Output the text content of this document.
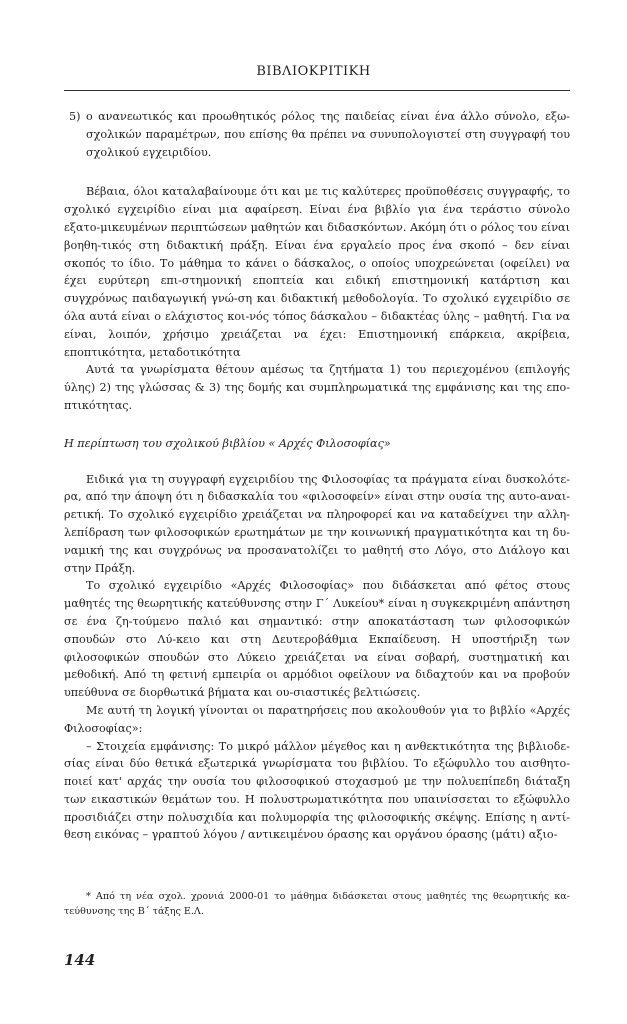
ΒΙΒΛΙΟΚΡΙΤΙΚΗ

5) ο ανανεωτικός και προωθητικός ρόλος της παιδείας είναι ένα άλλο σύνολο, εξω-σχολικών παραμέτρων, που επίσης θα πρέπει να συνυπολογιστεί στη συγγραφή του σχολικού εγχειριδίου.

Βέβαια, όλοι καταλαβαίνουμε ότι και με τις καλύτερες προϋποθέσεις συγγραφής, το σχολικό εγχειρίδιο είναι μια αφαίρεση. Είναι ένα βιβλίο για ένα τεράστιο σύνολο εξατο-μικευμένων περιπτώσεων μαθητών και διδασκόντων. Ακόμη ότι ο ρόλος του είναι βοηθη-τικός στη διδακτική πράξη. Είναι ένα εργαλείο προς ένα σκοπό – δεν είναι σκοπός το ίδιο. Το μάθημα το κάνει ο δάσκαλος, ο οποίος υποχρεώνεται (οφείλει) να έχει ευρύτερη επι-στημονική εποπτεία και ειδική επιστημονική κατάρτιση και συγχρόνως παιδαγωγική γνώ-ση και διδακτική μεθοδολογία. Το σχολικό εγχειρίδιο σε όλα αυτά είναι ο ελάχιστος κοι-νός τόπος δάσκαλου – διδακτέας ύλης – μαθητή. Για να είναι, λοιπόν, χρήσιμο χρειάζεται να έχει: Επιστημονική επάρκεια, ακρίβεια, εποπτικότητα, μεταδοτικότητα

Αυτά τα γνωρίσματα θέτουν αμέσως τα ζητήματα 1) του περιεχομένου (επιλογής ύλης) 2) της γλώσσας & 3) της δομής και συμπληρωματικά της εμφάνισης και της επο-πτικότητας.

Η περίπτωση του σχολικού βιβλίου « Αρχές Φιλοσοφίας»

Ειδικά για τη συγγραφή εγχειριδίου της Φιλοσοφίας τα πράγματα είναι δυσκολότε-ρα, από την άποψη ότι η διδασκαλία του «φιλοσοφείν» είναι στην ουσία της αυτο-αναι-ρετική. Το σχολικό εγχειρίδιο χρειάζεται να πληροφορεί και να καταδείχνει την αλλη-λεπίδραση των φιλοσοφικών ερωτημάτων με την κοινωνική πραγματικότητα και τη δυ-ναμική της και συγχρόνως να προσανατολίζει το μαθητή στο Λόγο, στο Διάλογο και στην Πράξη.

Το σχολικό εγχειρίδιο «Αρχές Φιλοσοφίας» που διδάσκεται από φέτος στους μαθητές της θεωρητικής κατεύθυνσης στην Γ΄ Λυκείου* είναι η συγκεκριμένη απάντηση σε ένα ζη-τούμενο παλιό και σημαντικό: στην αποκατάσταση των φιλοσοφικών σπουδών στο Λύ-κειο και στη Δευτεροβάθμια Εκπαίδευση. Η υποστήριξη των φιλοσοφικών σπουδών στο Λύκειο χρειάζεται να είναι σοβαρή, συστηματική και μεθοδική. Από τη φετινή εμπειρία οι αρμόδιοι οφείλουν να διδαχτούν και να προβούν υπεύθυνα σε διορθωτικά βήματα και ου-σιαστικές βελτιώσεις.

Με αυτή τη λογική γίνονται οι παρατηρήσεις που ακολουθούν για το βιβλίο «Αρχές Φιλοσοφίας»:

– Στοιχεία εμφάνισης: Το μικρό μάλλον μέγεθος και η ανθεκτικότητα της βιβλιοδε-σίας είναι δύο θετικά εξωτερικά γνωρίσματα του βιβλίου. Το εξώφυλλο του αισθητο-ποιεί κατ' αρχάς την ουσία του φιλοσοφικού στοχασμού με την πολυεπίπεδη διάταξη των εικαστικών θεμάτων του. Η πολυστρωματικότητα που υπαινίσσεται το εξώφυλλο προσιδιάζει στην πολυσχιδία και πολυμορφία της φιλοσοφικής σκέψης. Επίσης η αντί-θεση εικόνας – γραπτού λόγου / αντικειμένου όρασης και οργάνου όρασης (μάτι) αξιο-

* Από τη νέα σχολ. χρονιά 2000-01 το μάθημα διδάσκεται στους μαθητές της θεωρητικής κα-τεύθυνσης της Β΄ τάξης Ε.Λ.
144
